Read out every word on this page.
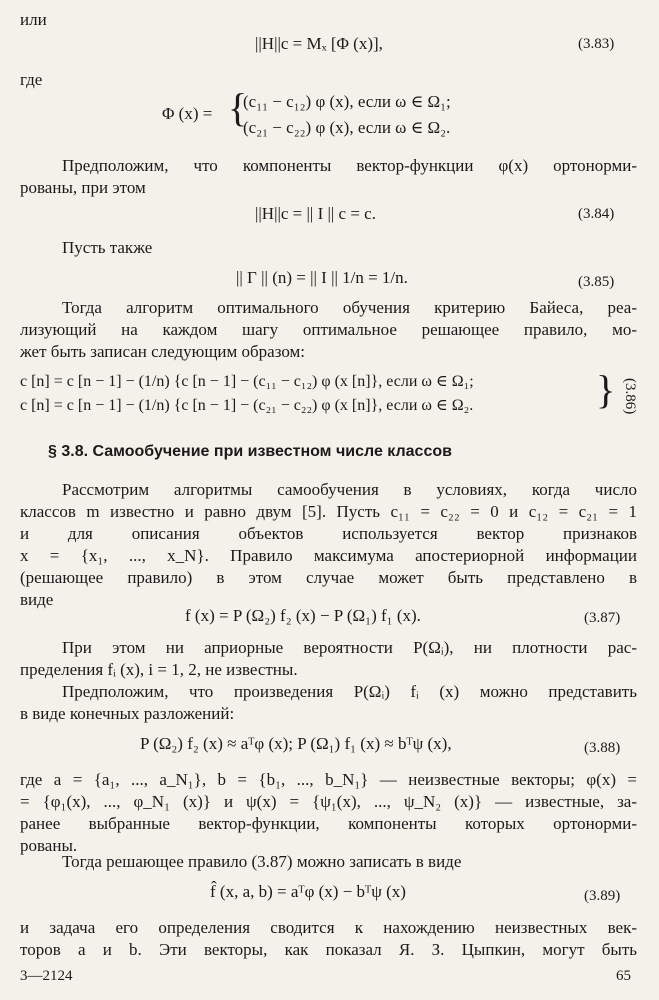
или
||H||c = Mₓ [Φ (x)],	(3.83)
где
Φ (x) = {
(c₁₁ − c₁₂) φ (x), если ω ∈ Ω₁;
(c₂₁ − c₂₂) φ (x), если ω ∈ Ω₂.
Предположим, что компоненты вектор-функции φ(x) ортонорми-
рованы, при этом
||H||c = || I || c = c.	(3.84)
Пусть также
|| Γ || (n) = || I || 1/n = 1/n.	(3.85)
Тогда алгоритм оптимального обучения критерию Байеса, реа-
лизующий на каждом шагу оптимальное решающее правило, мо-
жет быть записан следующим образом:
c [n] = c [n − 1] − (1/n) {c [n − 1] − (c₁₁ − c₁₂) φ (x [n]}, если ω ∈ Ω₁;
c [n] = c [n − 1] − (1/n) {c [n − 1] − (c₂₁ − c₂₂) φ (x [n]}, если ω ∈ Ω₂.	} (3.86)
§ 3.8. Самообучение при известном числе классов
Рассмотрим алгоритмы самообучения в условиях, когда число
классов m известно и равно двум [5]. Пусть c₁₁ = c₂₂ = 0 и c₁₂ = c₂₁ = 1
и для описания объектов используется вектор признаков
x = {x₁, ..., x_N}. Правило максимума апостериорной информации
(решающее правило) в этом случае может быть представлено в
виде
f (x) = P (Ω₂) f₂ (x) − P (Ω₁) f₁ (x).	(3.87)
При этом ни априорные вероятности P(Ωᵢ), ни плотности рас-
пределения fᵢ (x), i = 1, 2, не известны.
Предположим, что произведения P(Ωᵢ) fᵢ (x) можно представить
в виде конечных разложений:
P (Ω₂) f₂ (x) ≈ aᵀφ (x); P (Ω₁) f₁ (x) ≈ bᵀψ (x),	(3.88)
где a = {a₁, ..., a_N₁}, b = {b₁, ..., b_N₁} — неизвестные векторы; φ(x) =
= {φ₁(x), ..., φ_N₁ (x)} и ψ(x) = {ψ₁(x), ..., ψ_N₂ (x)} — известные, за-
ранее выбранные вектор-функции, компоненты которых ортонорми-
рованы.
Тогда решающее правило (3.87) можно записать в виде
f̂ (x, a, b) = aᵀφ (x) − bᵀψ (x)	(3.89)
и задача его определения сводится к нахождению неизвестных век-
торов a и b. Эти векторы, как показал Я. З. Цыпкин, могут быть
3—2124	65
